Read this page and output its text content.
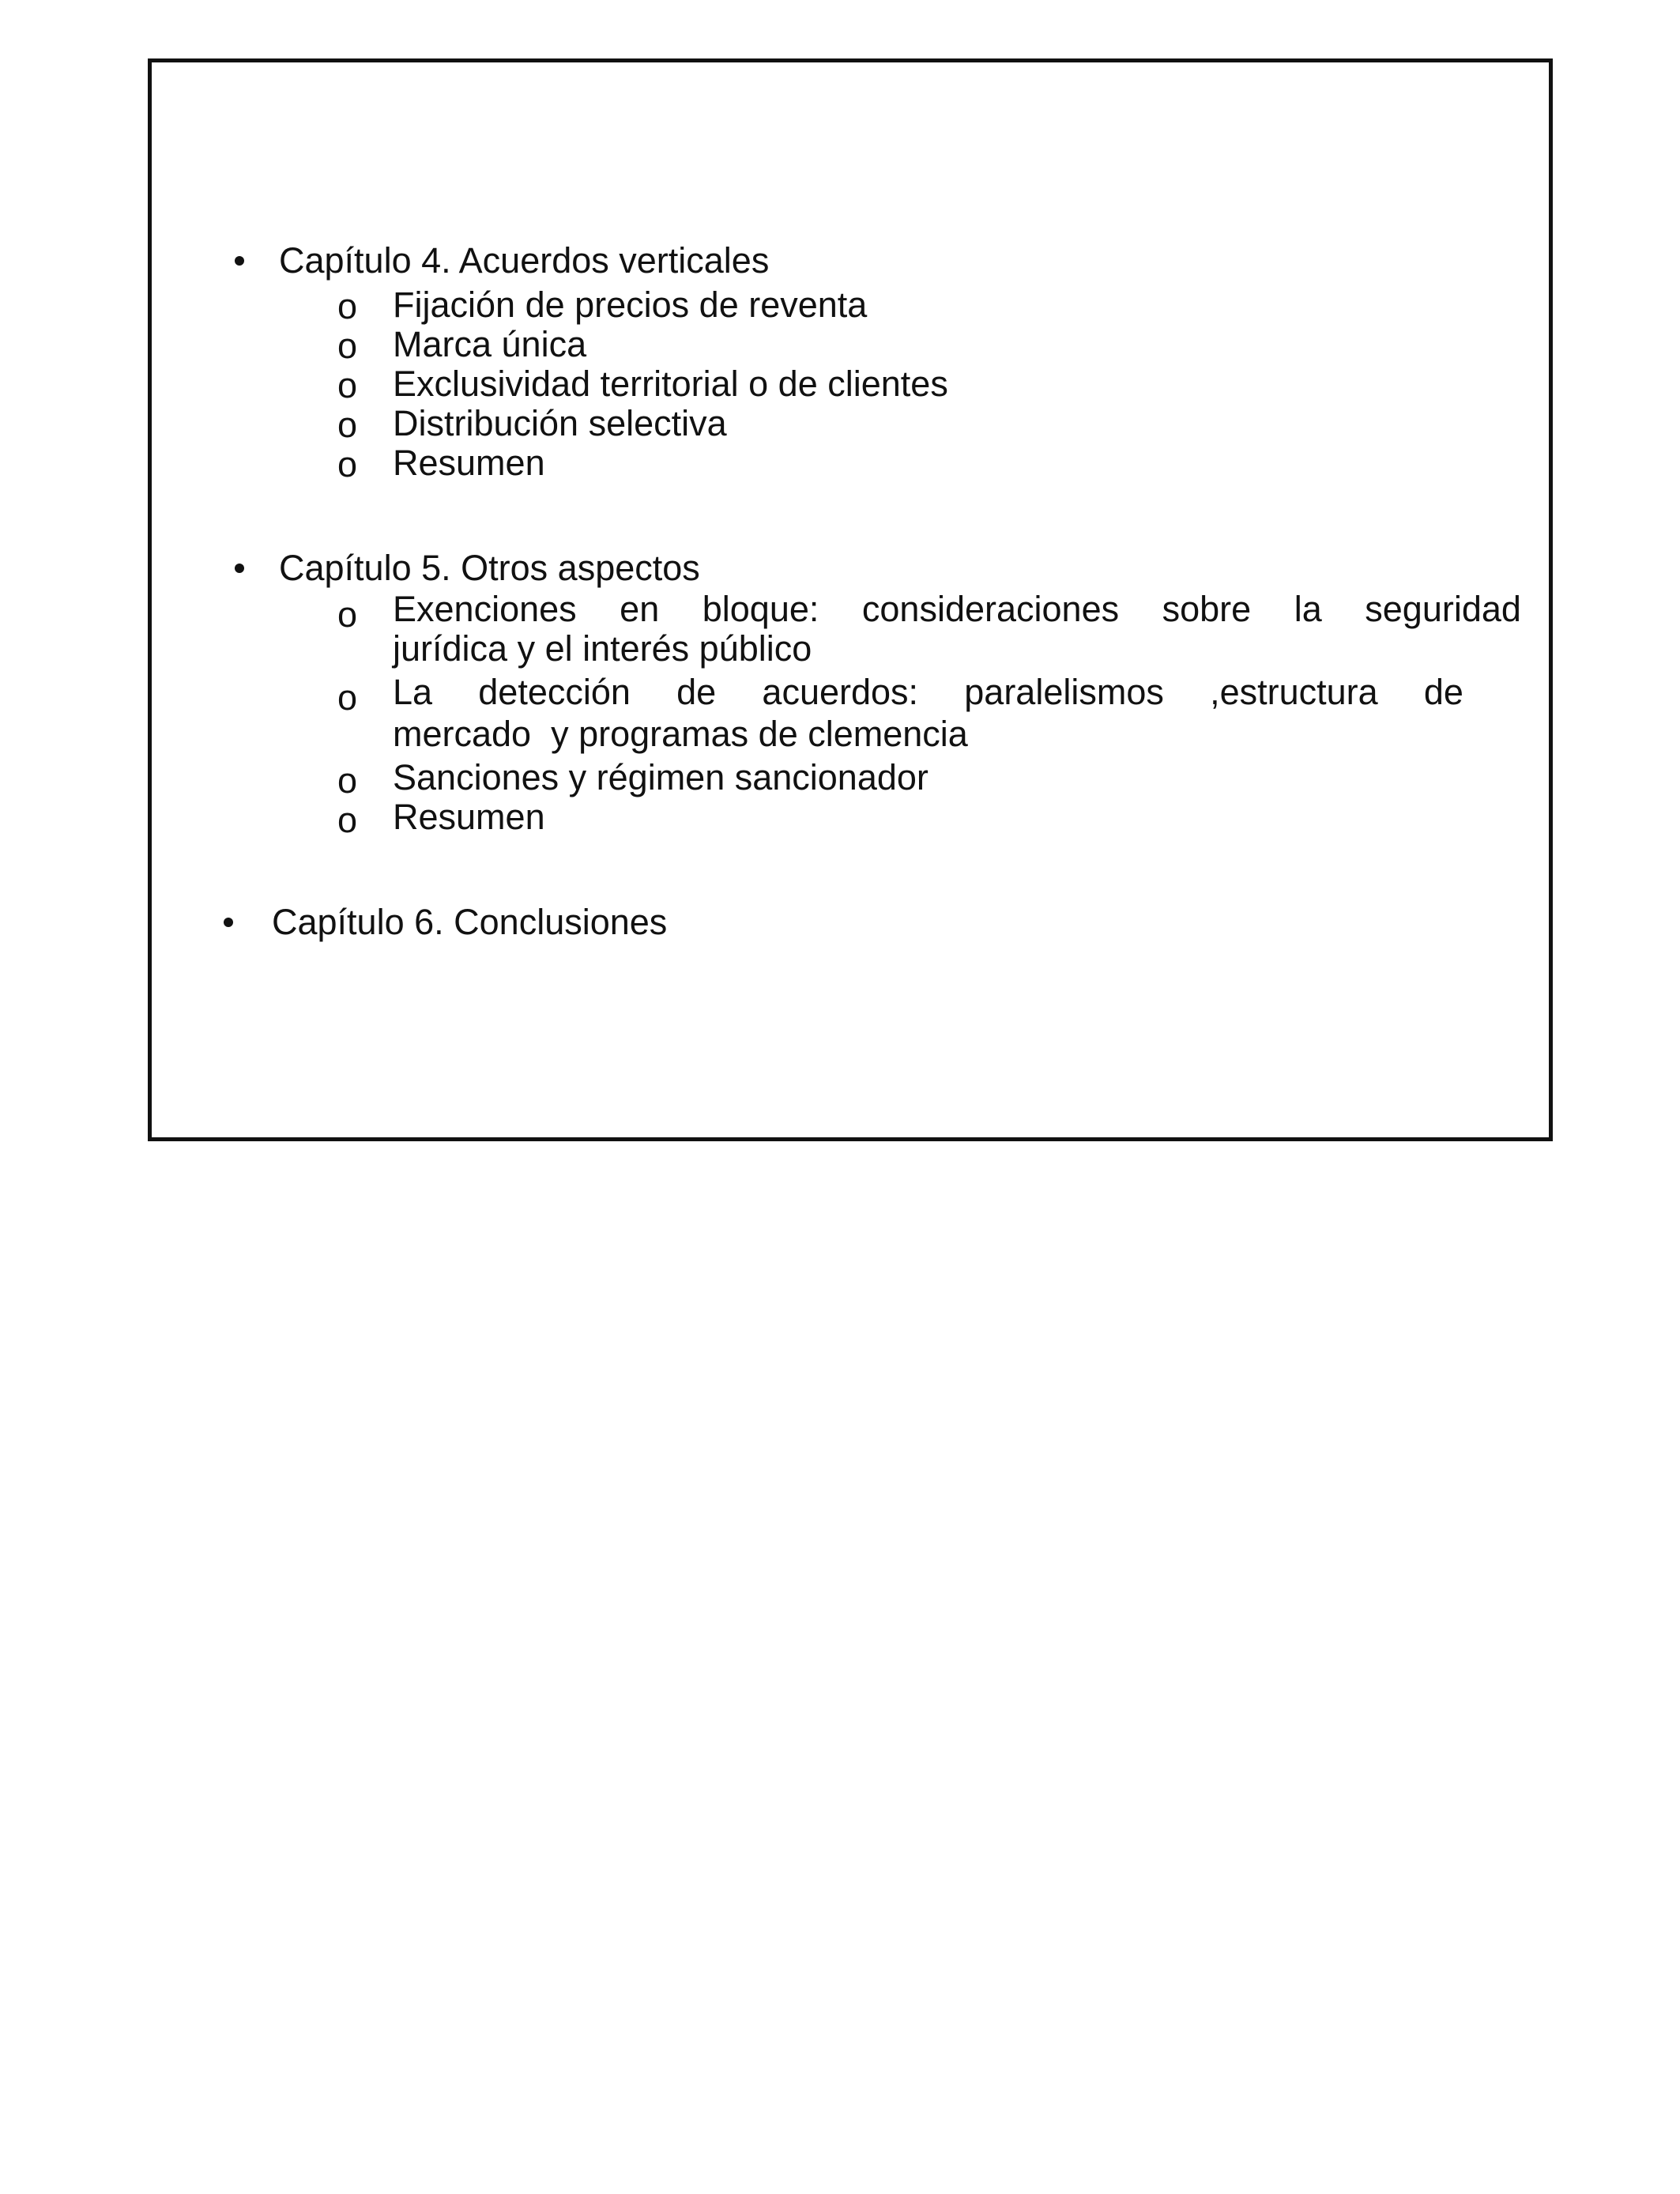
Capítulo 4. Acuerdos verticales
o Fijación de precios de reventa
o Marca única
o Exclusividad territorial o de clientes
o Distribución selectiva
o Resumen
Capítulo 5. Otros aspectos
o Exenciones en bloque: consideraciones sobre la seguridad
jurídica y el interés público
o La detección de acuerdos: paralelismos ,estructura de
mercado  y programas de clemencia
o Sanciones y régimen sancionador
o Resumen
Capítulo 6. Conclusiones
